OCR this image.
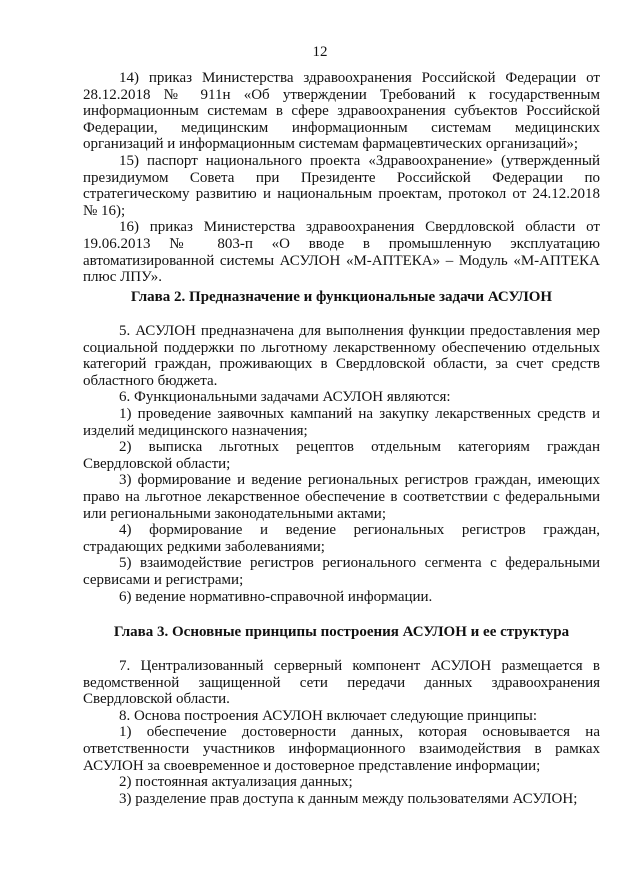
12

14) приказ Министерства здравоохранения Российской Федерации от 28.12.2018 № 911н «Об утверждении Требований к государственным информационным системам в сфере здравоохранения субъектов Российской Федерации, медицинским информационным системам медицинских организаций и информационным системам фармацевтических организаций»;

15) паспорт национального проекта «Здравоохранение» (утвержденный президиумом Совета при Президенте Российской Федерации по стратегическому развитию и национальным проектам, протокол от 24.12.2018 № 16);

16) приказ Министерства здравоохранения Свердловской области от 19.06.2013 № 803-п «О вводе в промышленную эксплуатацию автоматизированной системы АСУЛОН «М-АПТЕКА» – Модуль «М-АПТЕКА плюс ЛПУ».

Глава 2. Предназначение и функциональные задачи АСУЛОН

5. АСУЛОН предназначена для выполнения функции предоставления мер социальной поддержки по льготному лекарственному обеспечению отдельных категорий граждан, проживающих в Свердловской области, за счет средств областного бюджета.

6. Функциональными задачами АСУЛОН являются:

1) проведение заявочных кампаний на закупку лекарственных средств и изделий медицинского назначения;

2) выписка льготных рецептов отдельным категориям граждан Свердловской области;

3) формирование и ведение региональных регистров граждан, имеющих право на льготное лекарственное обеспечение в соответствии с федеральными или региональными законодательными актами;

4) формирование и ведение региональных регистров граждан, страдающих редкими заболеваниями;

5) взаимодействие регистров регионального сегмента с федеральными сервисами и регистрами;

6) ведение нормативно-справочной информации.

Глава 3. Основные принципы построения АСУЛОН и ее структура

7. Централизованный серверный компонент АСУЛОН размещается в ведомственной защищенной сети передачи данных здравоохранения Свердловской области.

8. Основа построения АСУЛОН включает следующие принципы:

1) обеспечение достоверности данных, которая основывается на ответственности участников информационного взаимодействия в рамках АСУЛОН за своевременное и достоверное представление информации;

2) постоянная актуализация данных;

3) разделение прав доступа к данным между пользователями АСУЛОН;
